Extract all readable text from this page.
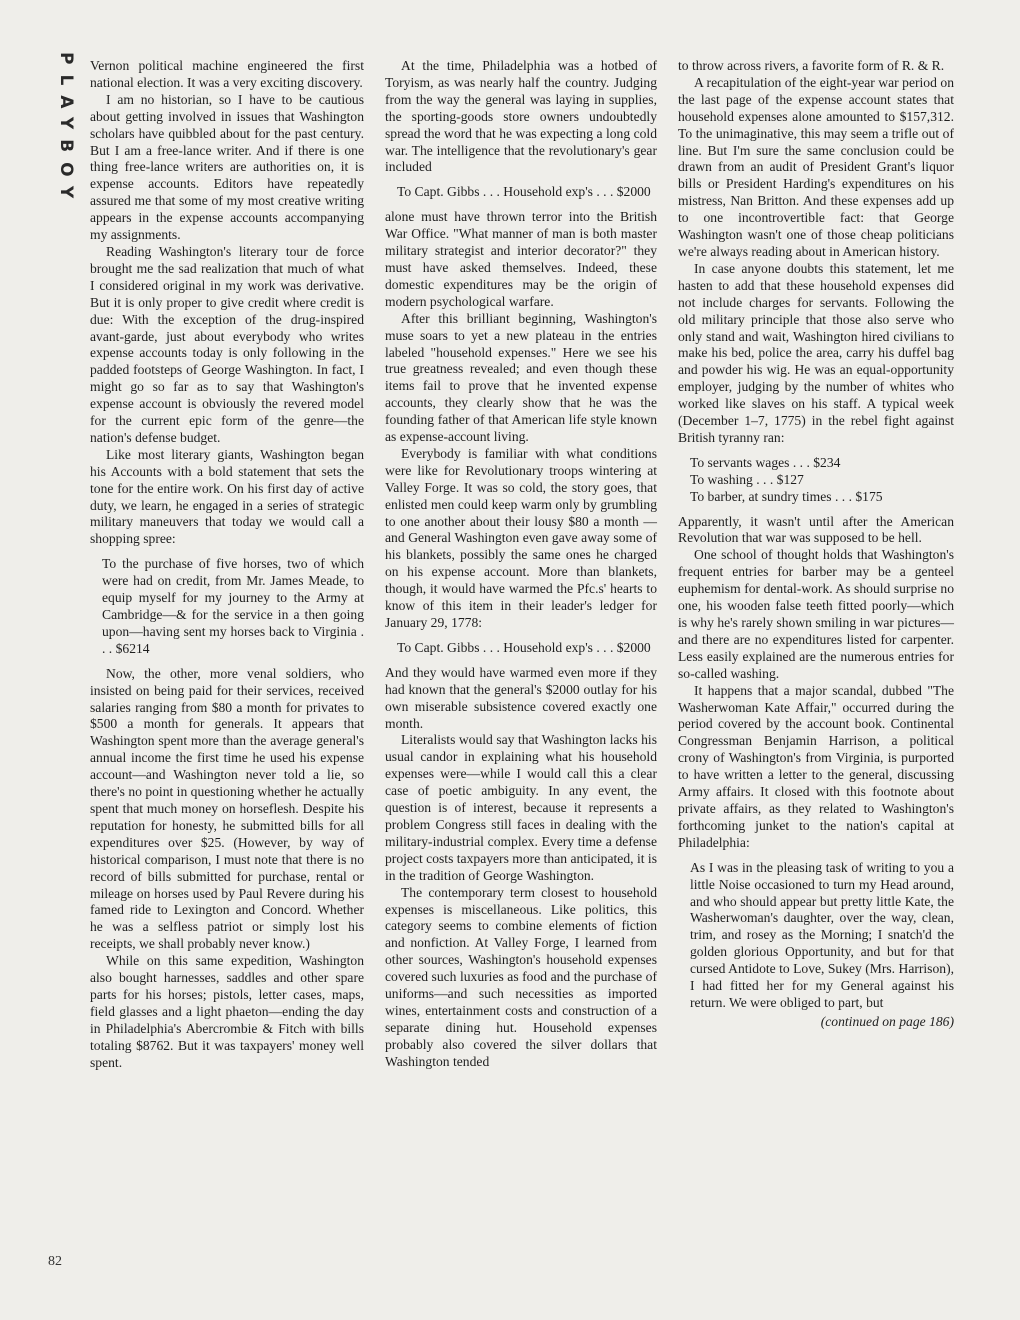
PLAYBOY
82

Vernon political machine engineered the first national election. It was a very exciting discovery.

I am no historian, so I have to be cautious about getting involved in issues that Washington scholars have quibbled about for the past century. But I am a free-lance writer. And if there is one thing free-lance writers are authorities on, it is expense accounts. Editors have repeatedly assured me that some of my most creative writing appears in the expense accounts accompanying my assignments.

Reading Washington's literary tour de force brought me the sad realization that much of what I considered original in my work was derivative. But it is only proper to give credit where credit is due: With the exception of the drug-inspired avant-garde, just about everybody who writes expense accounts today is only following in the padded footsteps of George Washington. In fact, I might go so far as to say that Washington's expense account is obviously the revered model for the current epic form of the genre—the nation's defense budget.

Like most literary giants, Washington began his Accounts with a bold statement that sets the tone for the entire work. On his first day of active duty, we learn, he engaged in a series of strategic military maneuvers that today we would call a shopping spree:

To the purchase of five horses, two of which were had on credit, from Mr. James Meade, to equip myself for my journey to the Army at Cambridge—& for the service in a then going upon—having sent my horses back to Virginia . . . $6214

Now, the other, more venal soldiers, who insisted on being paid for their services, received salaries ranging from $80 a month for privates to $500 a month for generals. It appears that Washington spent more than the average general's annual income the first time he used his expense account—and Washington never told a lie, so there's no point in questioning whether he actually spent that much money on horseflesh. Despite his reputation for honesty, he submitted bills for all expenditures over $25. (However, by way of historical comparison, I must note that there is no record of bills submitted for purchase, rental or mileage on horses used by Paul Revere during his famed ride to Lexington and Concord. Whether he was a selfless patriot or simply lost his receipts, we shall probably never know.)

While on this same expedition, Washington also bought harnesses, saddles and other spare parts for his horses; pistols, letter cases, maps, field glasses and a light phaeton—ending the day in Philadelphia's Abercrombie & Fitch with bills totaling $8762. But it was taxpayers' money well spent.

At the time, Philadelphia was a hotbed of Toryism, as was nearly half the country. Judging from the way the general was laying in supplies, the sporting-goods store owners undoubtedly spread the word that he was expecting a long cold war. The intelligence that the revolutionary's gear included

To Capt. Gibbs . . . Household exp's . . . $2000

alone must have thrown terror into the British War Office. "What manner of man is both master military strategist and interior decorator?" they must have asked themselves. Indeed, these domestic expenditures may be the origin of modern psychological warfare.

After this brilliant beginning, Washington's muse soars to yet a new plateau in the entries labeled "household expenses." Here we see his true greatness revealed; and even though these items fail to prove that he invented expense accounts, they clearly show that he was the founding father of that American life style known as expense-account living.

Everybody is familiar with what conditions were like for Revolutionary troops wintering at Valley Forge. It was so cold, the story goes, that enlisted men could keep warm only by grumbling to one another about their lousy $80 a month —and General Washington even gave away some of his blankets, possibly the same ones he charged on his expense account. More than blankets, though, it would have warmed the Pfc.s' hearts to know of this item in their leader's ledger for January 29, 1778:

To Capt. Gibbs . . . Household exp's . . . $2000

And they would have warmed even more if they had known that the general's $2000 outlay for his own miserable subsistence covered exactly one month.

Literalists would say that Washington lacks his usual candor in explaining what his household expenses were—while I would call this a clear case of poetic ambiguity. In any event, the question is of interest, because it represents a problem Congress still faces in dealing with the military-industrial complex. Every time a defense project costs taxpayers more than anticipated, it is in the tradition of George Washington.

The contemporary term closest to household expenses is miscellaneous. Like politics, this category seems to combine elements of fiction and nonfiction. At Valley Forge, I learned from other sources, Washington's household expenses covered such luxuries as food and the purchase of uniforms—and such necessities as imported wines, entertainment costs and construction of a separate dining hut. Household expenses probably also covered the silver dollars that Washington tended

to throw across rivers, a favorite form of R. & R.

A recapitulation of the eight-year war period on the last page of the expense account states that household expenses alone amounted to $157,312. To the unimaginative, this may seem a trifle out of line. But I'm sure the same conclusion could be drawn from an audit of President Grant's liquor bills or President Harding's expenditures on his mistress, Nan Britton. And these expenses add up to one incontrovertible fact: that George Washington wasn't one of those cheap politicians we're always reading about in American history.

In case anyone doubts this statement, let me hasten to add that these household expenses did not include charges for servants. Following the old military principle that those also serve who only stand and wait, Washington hired civilians to make his bed, police the area, carry his duffel bag and powder his wig. He was an equal-opportunity employer, judging by the number of whites who worked like slaves on his staff. A typical week (December 1–7, 1775) in the rebel fight against British tyranny ran:

To servants wages . . . $234
To washing . . . $127
To barber, at sundry times . . . $175

Apparently, it wasn't until after the American Revolution that war was supposed to be hell.

One school of thought holds that Washington's frequent entries for barber may be a genteel euphemism for dental-work. As should surprise no one, his wooden false teeth fitted poorly—which is why he's rarely shown smiling in war pictures—and there are no expenditures listed for carpenter. Less easily explained are the numerous entries for so-called washing.

It happens that a major scandal, dubbed "The Washerwoman Kate Affair," occurred during the period covered by the account book. Continental Congressman Benjamin Harrison, a political crony of Washington's from Virginia, is purported to have written a letter to the general, discussing Army affairs. It closed with this footnote about private affairs, as they related to Washington's forthcoming junket to the nation's capital at Philadelphia:

As I was in the pleasing task of writing to you a little Noise occasioned to turn my Head around, and who should appear but pretty little Kate, the Washerwoman's daughter, over the way, clean, trim, and rosey as the Morning; I snatch'd the golden glorious Opportunity, and but for that cursed Antidote to Love, Sukey (Mrs. Harrison), I had fitted her for my General against his return. We were obliged to part, but
(continued on page 186)
